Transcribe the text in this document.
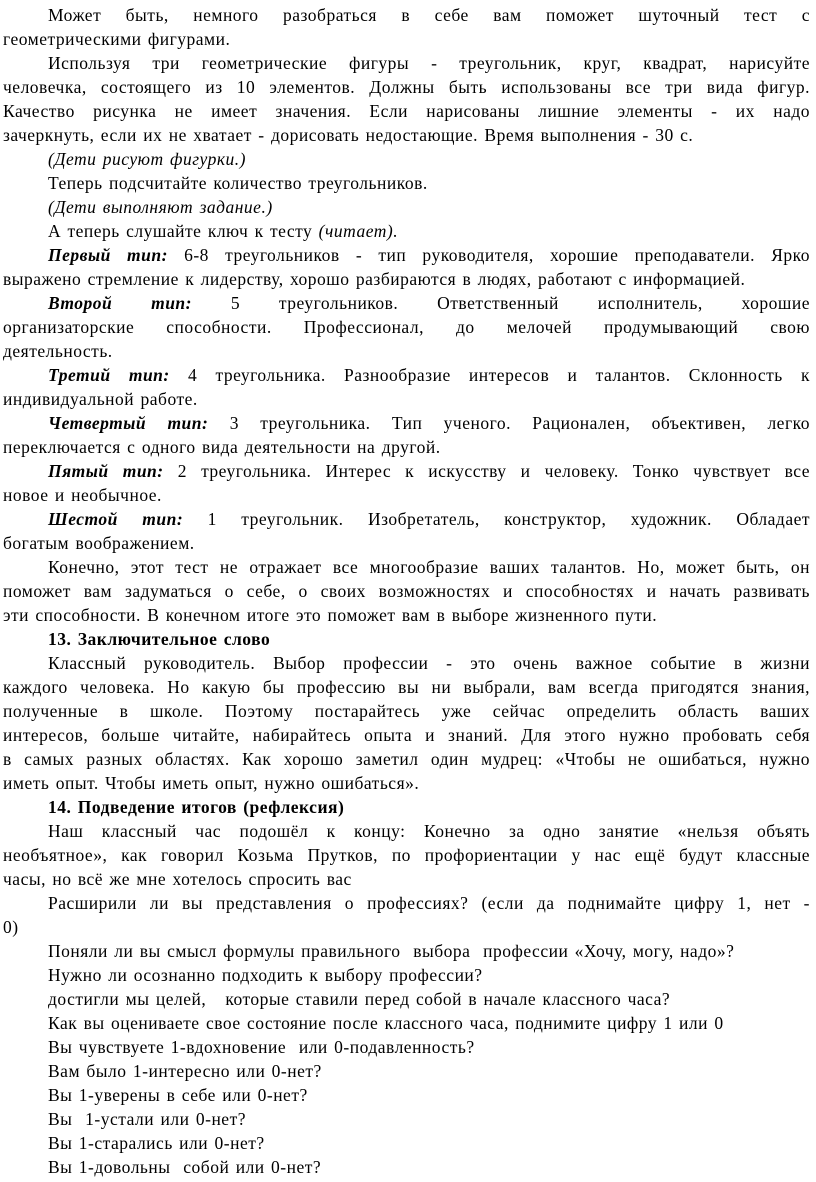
Может быть, немного разобраться в себе вам поможет шуточный тест с
геометрическими фигурами.
Используя три геометрические фигуры - треугольник, круг, квадрат, нарисуйте
человечка, состоящего из 10 элементов. Должны быть использованы все три вида фигур.
Качество рисунка не имеет значения. Если нарисованы лишние элементы - их надо
зачеркнуть, если их не хватает - дорисовать недостающие. Время выполнения - 30 с.
(Дети рисуют фигурки.)
Теперь подсчитайте количество треугольников.
(Дети выполняют задание.)
А теперь слушайте ключ к тесту (читает).
Первый тип: 6-8 треугольников - тип руководителя, хорошие преподаватели. Ярко
выражено стремление к лидерству, хорошо разбираются в людях, работают с информацией.
Второй тип: 5 треугольников. Ответственный исполнитель, хорошие
организаторские способности. Профессионал, до мелочей продумывающий свою
деятельность.
Третий тип: 4 треугольника. Разнообразие интересов и талантов. Склонность к
индивидуальной работе.
Четвертый тип: 3 треугольника. Тип ученого. Рационален, объективен, легко
переключается с одного вида деятельности на другой.
Пятый тип: 2 треугольника. Интерес к искусству и человеку. Тонко чувствует все
новое и необычное.
Шестой тип: 1 треугольник. Изобретатель, конструктор, художник. Обладает
богатым воображением.
Конечно, этот тест не отражает все многообразие ваших талантов. Но, может быть, он
поможет вам задуматься о себе, о своих возможностях и способностях и начать развивать
эти способности. В конечном итоге это поможет вам в выборе жизненного пути.
13. Заключительное слово
Классный руководитель. Выбор профессии - это очень важное событие в жизни
каждого человека. Но какую бы профессию вы ни выбрали, вам всегда пригодятся знания,
полученные в школе. Поэтому постарайтесь уже сейчас определить область ваших
интересов, больше читайте, набирайтесь опыта и знаний. Для этого нужно пробовать себя
в самых разных областях. Как хорошо заметил один мудрец: «Чтобы не ошибаться, нужно
иметь опыт. Чтобы иметь опыт, нужно ошибаться».
14. Подведение итогов (рефлексия)
Наш классный час подошёл к концу: Конечно за одно занятие «нельзя объять
необъятное», как говорил Козьма Прутков, по профориентации у нас ещё будут классные
часы, но всё же мне хотелось спросить вас
Расширили ли вы представления о профессиях? (если да поднимайте цифру 1, нет -
0)
Поняли ли вы смысл формулы правильного  выбора  профессии «Хочу, могу, надо»?
Нужно ли осознанно подходить к выбору профессии?
достигли мы целей,   которые ставили перед собой в начале классного часа?
Как вы оцениваете свое состояние после классного часа, поднимите цифру 1 или 0
Вы чувствуете 1-вдохновение  или 0-подавленность?
Вам было 1-интересно или 0-нет?
Вы 1-уверены в себе или 0-нет?
Вы  1-устали или 0-нет?
Вы 1-старались или 0-нет?
Вы 1-довольны  собой или 0-нет?
